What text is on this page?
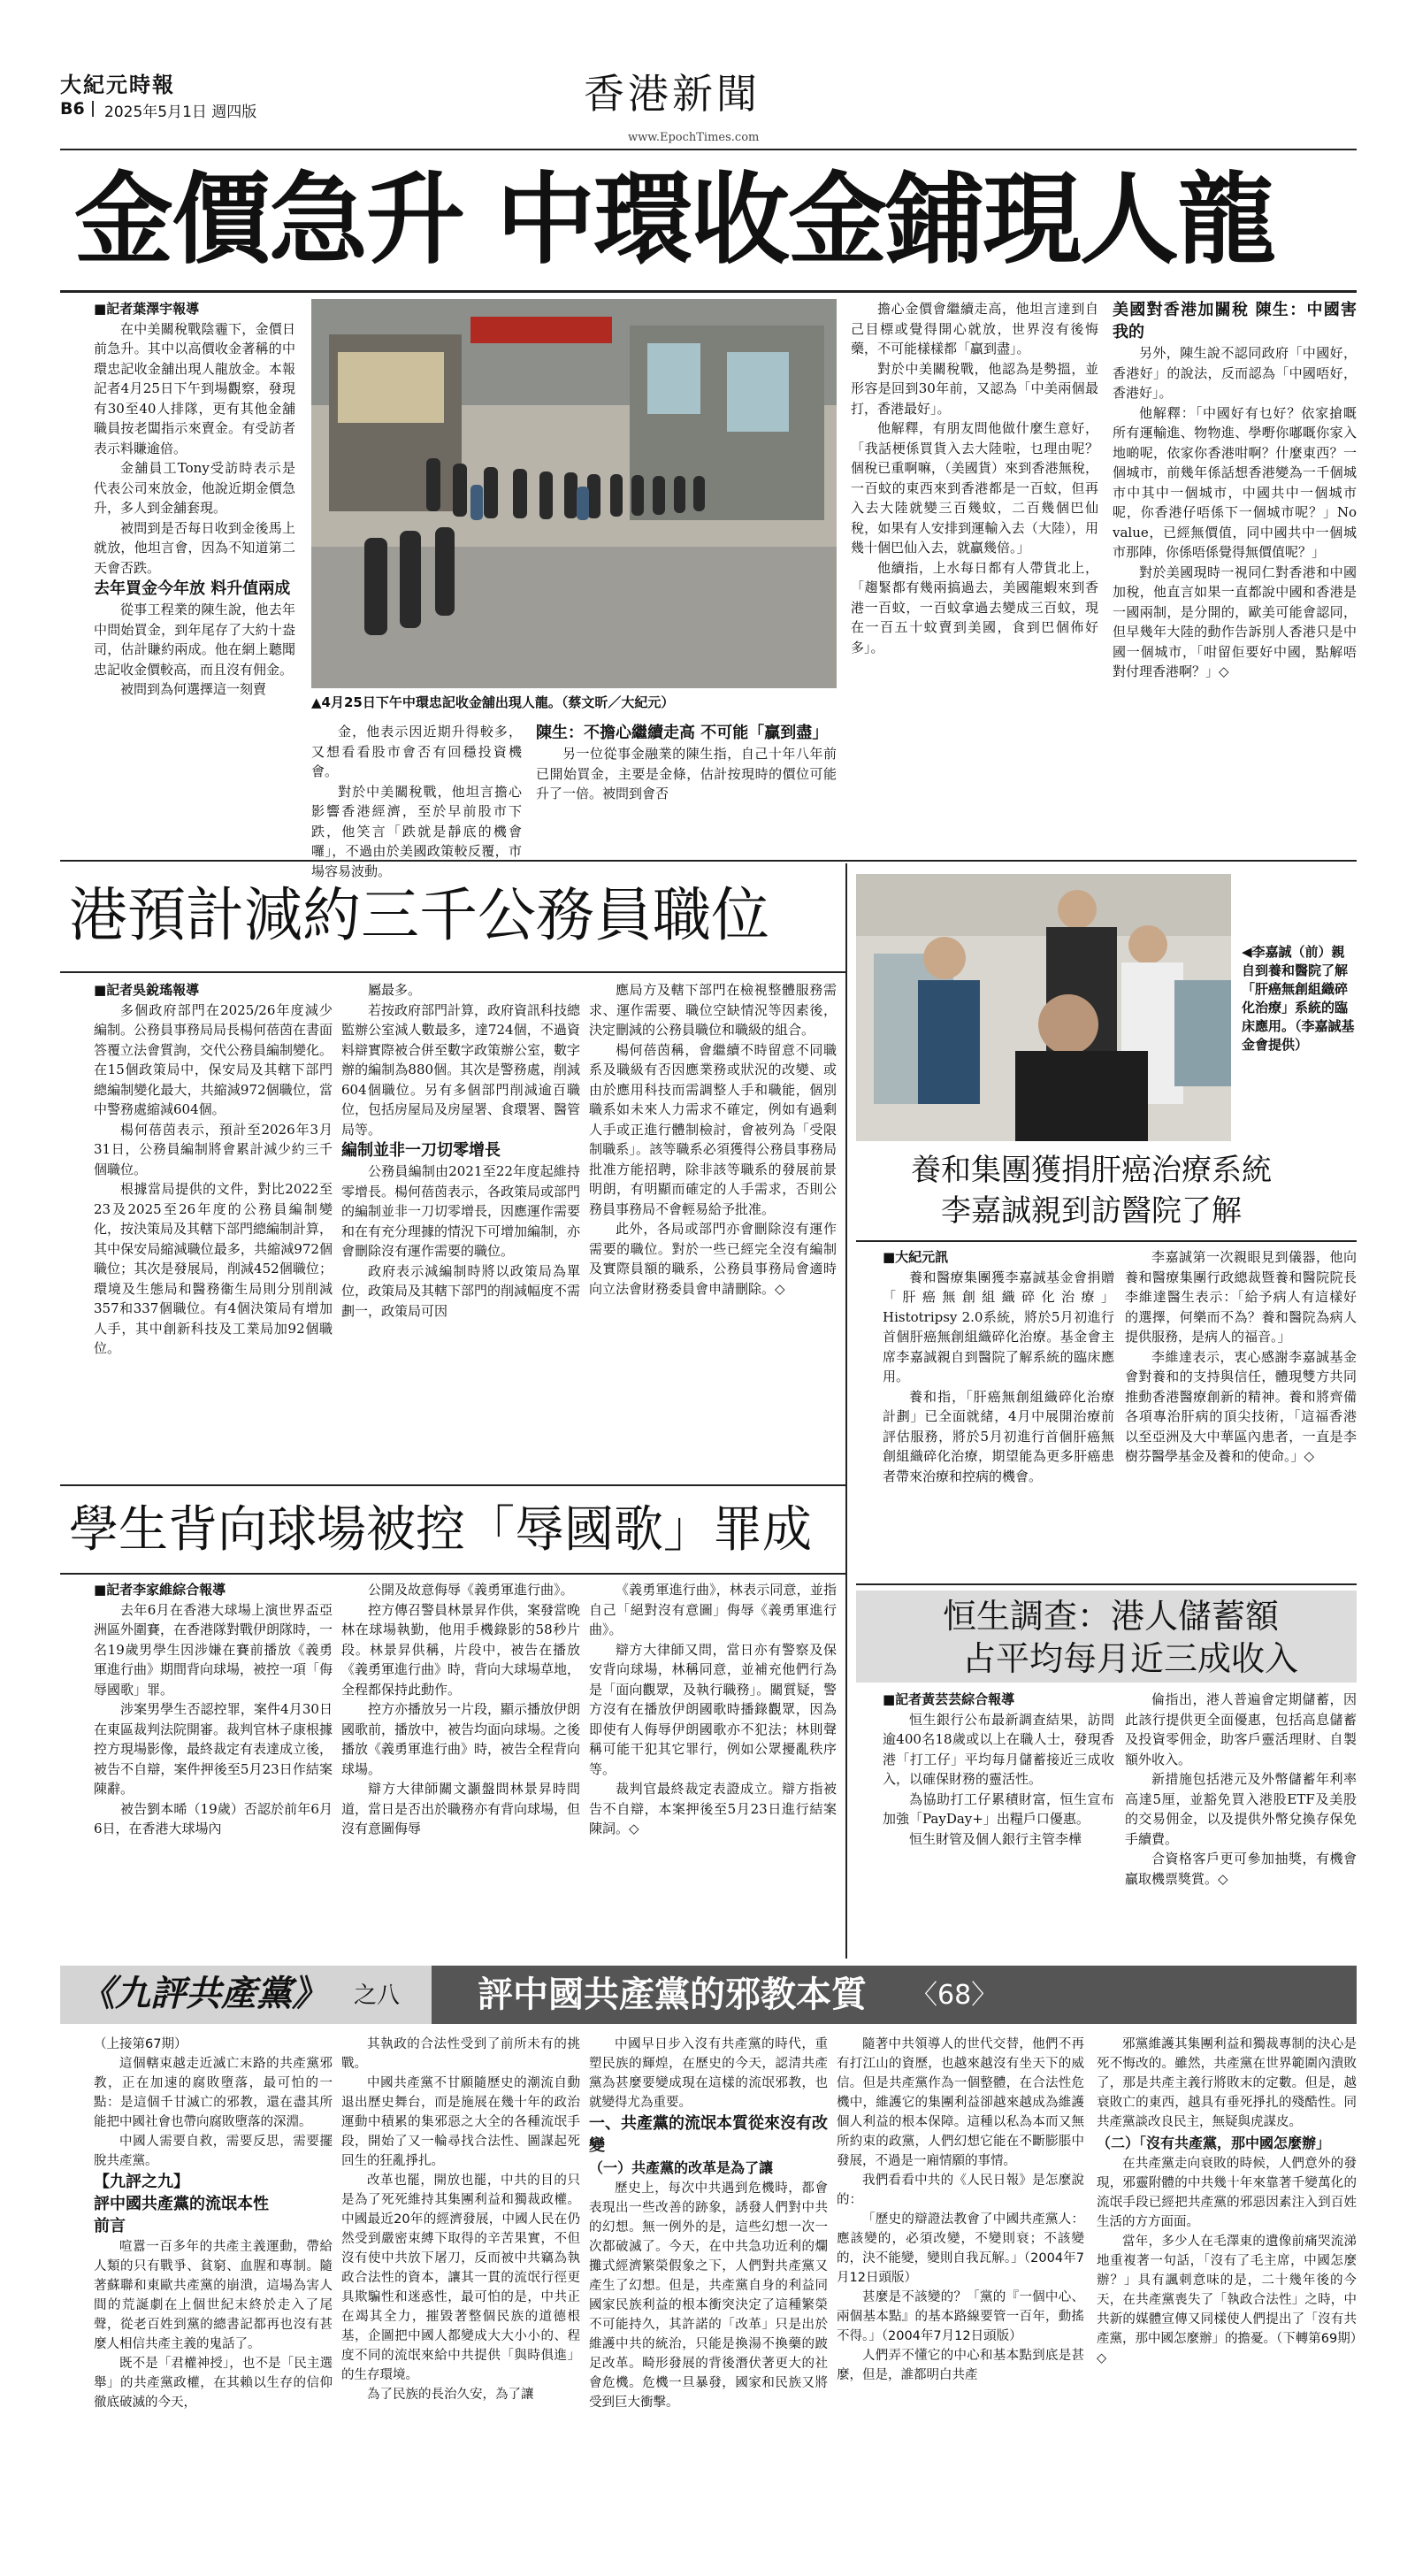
大紀元時報
B6 2025年5月1日 週四版	香港新聞
www.EpochTimes.com
金價急升 中環收金鋪現人龍

■記者葉澤宇報導

在中美關稅戰陰霾下，金價日前急升。其中以高價收金著稱的中環忠記收金舖出現人龍放金。本報記者4月25日下午到場觀察，發現有30至40人排隊，更有其他金舖職員按老闆指示來賣金。有受訪者表示料賺逾倍。

金舖員工Tony受訪時表示是代表公司來放金，他說近期金價急升，多人到金舖套現。

被問到是否每日收到金後馬上就放，他坦言會，因為不知道第二天會否跌。

去年買金今年放 料升值兩成

從事工程業的陳生說，他去年中問始買金，到年尾存了大約十盎司，估計賺約兩成。他在網上聽聞忠記收金價較高，而且沒有佣金。

被問到為何選擇這一刻賣

▲4月25日下午中環忠記收金舖出現人龍。（蔡文昕／大紀元）

金，他表示因近期升得較多，又想看看股市會否有回穩投資機會。

對於中美關稅戰，他坦言擔心影響香港經濟，至於早前股市下跌，他笑言「跌就是靜底的機會囉」，不過由於美國政策較反覆，市場容易波動。

陳生：不擔心繼續走高 不可能「贏到盡」

另一位從事金融業的陳生指，自己十年八年前已開始買金，主要是金條，估計按現時的價位可能升了一倍。被問到會否

擔心金價會繼續走高，他坦言達到自己目標或覺得開心就放，世界沒有後悔藥，不可能樣樣都「贏到盡」。

對於中美關稅戰，他認為是勢搵，並形容是回到30年前，又認為「中美兩個最打，香港最好」。

他解釋，有朋友問他做什麼生意好，「我話梗係買貨入去大陸啦，乜理由呢？個稅已重啊嘛，（美國貨）來到香港無稅，一百蚊的東西來到香港都是一百蚊，但再入去大陸就變三百幾蚊，二百幾個巴仙稅，如果有人安排到運輸入去（大陸），用幾十個巴仙入去，就贏幾倍。」

他續指，上水每日都有人帶貨北上，「趨緊都有幾兩搞過去，美國龍蝦來到香港一百蚊，一百蚊拿過去變成三百蚊，現在一百五十蚊賣到美國，食到巴個佈好多」。

美國對香港加關稅 陳生：中國害我的

另外，陳生說不認同政府「中國好，香港好」的說法，反而認為「中國唔好，香港好」。

他解釋：「中國好有乜好？依家搶嘅所有運輸進、物物進、學嘢你嘟嘅你家入地啲呢，依家你香港咁啊？什麼東西？一個城市，前幾年係話想香港變為一千個城市中其中一個城市，中國共中一個城市呢，你香港仔唔係下一個城市呢？」No value，已經無價值，同中國共中一個城市那陣，你係唔係覺得無價值呢？」

對於美國現時一視同仁對香港和中國加稅，他直言如果一直都說中國和香港是一國兩制，是分開的，歐美可能會認同，但早幾年大陸的動作告訴別人香港只是中國一個城市，「咁留佢要好中國，點解唔對付理香港啊？」◇

港預計減約三千公務員職位

■記者吳銳瑤報導

多個政府部門在2025/26年度減少編制。公務員事務局局長楊何蓓茵在書面答覆立法會質詢，交代公務員編制變化。在15個政策局中，保安局及其轄下部門總編制變化最大，共縮減972個職位，當中警務處縮減604個。

楊何蓓茵表示，預計至2026年3月31日，公務員編制將會累計減少約三千個職位。

根據當局提供的文件，對比2022至23及2025至26年度的公務員編制變化，按決策局及其轄下部門總編制計算，其中保安局縮減職位最多，共縮減972個職位；其次是發展局，削減452個職位；環境及生態局和醫務衞生局則分別削減357和337個職位。有4個決策局有增加人手，其中創新科技及工業局加92個職位。

屬最多。

若按政府部門計算，政府資訊科技總監辦公室減人數最多，達724個，不過資料辯實際被合併至數字政策辦公室，數字辦的編制為880個。其次是警務處，削減604個職位。另有多個部門削減逾百職位，包括房屋局及房屋署、食環署、醫管局等。

編制並非一刀切零增長

公務員編制由2021至22年度起維持零增長。楊何蓓茵表示，各政策局或部門的編制並非一刀切零增長，因應運作需要和在有充分理據的情況下可增加編制，亦會刪除沒有運作需要的職位。

政府表示減編制時將以政策局為單位，政策局及其轄下部門的削減幅度不需劃一，政策局可因

應局方及轄下部門在檢視整體服務需求、運作需要、職位空缺情況等因素後，決定刪減的公務員職位和職級的組合。

楊何蓓茵稱，會繼續不時留意不同職系及職級有否因應業務或狀況的改變、或由於應用科技而需調整人手和職能，個別職系如未來人力需求不確定，例如有過剩人手或正進行體制檢討，會被列為「受限制職系」。該等職系必須獲得公務員事務局批准方能招聘，除非該等職系的發展前景明朗，有明顯而確定的人手需求，否則公務員事務局不會輕易給予批准。

此外，各局或部門亦會刪除沒有運作需要的職位。對於一些已經完全沒有編制及實際員額的職系，公務員事務局會適時向立法會財務委員會申請刪除。◇

學生背向球場被控「辱國歌」罪成

■記者李家維綜合報導

去年6月在香港大球場上演世界盃亞洲區外圍賽，在香港隊對戰伊朗隊時，一名19歲男學生因涉嫌在賽前播放《義勇軍進行曲》期間背向球場，被控一項「侮辱國歌」罪。

涉案男學生否認控罪，案件4月30日在東區裁判法院開審。裁判官林子康根據控方現場影像，最終裁定有表達成立後，被告不自辯，案件押後至5月23日作結案陳辭。

被告劉本晞（19歲）否認於前年6月6日，在香港大球場內

公開及故意侮辱《義勇軍進行曲》。

控方傳召警員林景昇作供，案發當晚林在球場執勤，他用手機錄影的58秒片段。林景昇供稱，片段中，被告在播放《義勇軍進行曲》時，背向大球場草地，全程都保持此動作。

控方亦播放另一片段，顯示播放伊朗國歌前，播放中，被告均面向球場。之後播放《義勇軍進行曲》時，被告全程背向球場。

辯方大律師關文灝盤問林景昇時問道，當日是否出於職務亦有背向球場，但沒有意圖侮辱

《義勇軍進行曲》，林表示同意，並指自己「絕對沒有意圖」侮辱《義勇軍進行曲》。

辯方大律師又問，當日亦有警察及保安背向球場，林稱同意，並補充他們行為是「面向觀眾，及執行職務」。關質疑，警方沒有在播放伊朗國歌時播錄觀眾，因為即使有人侮辱伊朗國歌亦不犯法；林則聲稱可能干犯其它罪行，例如公眾擾亂秩序等。

裁判官最終裁定表證成立。辯方指被告不自辯，本案押後至5月23日進行結案陳詞。◇

◀李嘉誠（前）親自到養和醫院了解「肝癌無創組織碎化治療」系統的臨床應用。（李嘉誠基金會提供）
養和集團獲捐肝癌治療系統
李嘉誠親到訪醫院了解

■大紀元訊

養和醫療集團獲李嘉誠基金會捐贈「肝癌無創組織碎化治療」Histotripsy 2.0系統，將於5月初進行首個肝癌無創組織碎化治療。基金會主席李嘉誠親自到醫院了解系統的臨床應用。

養和指，「肝癌無創組織碎化治療計劃」已全面就緒，4月中展開治療前評估服務，將於5月初進行首個肝癌無創組織碎化治療，期望能為更多肝癌患者帶來治療和控病的機會。

李嘉誠第一次親眼見到儀器，他向養和醫療集團行政總裁暨養和醫院院長李維達醫生表示：「給予病人有這樣好的選擇，何樂而不為？養和醫院為病人提供服務，是病人的福音。」

李維達表示，衷心感謝李嘉誠基金會對養和的支持與信任，體現雙方共同推動香港醫療創新的精神。養和將齊備各項專治肝病的頂尖技術，「這福香港以至亞洲及大中華區內患者，一直是李樹芬醫學基金及養和的使命。」◇

恒生調查：港人儲蓄額
占平均每月近三成收入

■記者黃芸芸綜合報導

恒生銀行公布最新調查結果，訪問逾400名18歲或以上在職人士，發現香港「打工仔」平均每月儲蓄接近三成收入，以確保財務的靈活性。

為協助打工仔累積財富，恒生宣布加強「PayDay+」出糧戶口優惠。

恒生財管及個人銀行主管李樺

倫指出，港人普遍會定期儲蓄，因此該行提供更全面優惠，包括高息儲蓄及投資零佣金，助客戶靈活理財、自製額外收入。

新措施包括港元及外幣儲蓄年利率高達5厘，並豁免買入港股ETF及美股的交易佣金，以及提供外幣兌換存保免手續費。

合資格客戶更可參加抽獎，有機會贏取機票獎賞。◇

《九評共產黨》 之八 評中國共產黨的邪教本質 〈68〉

（上接第67期）

這個轄束越走近滅亡末路的共產黨邪教，正在加速的腐敗墮落，最可怕的一點：是這個千甘滅亡的邪教，還在盡其所能把中國社會也帶向腐敗墮落的深淵。

中國人需要自救，需要反思，需要擺脫共產黨。

【九評之九】

評中國共產黨的流氓本性

前言

喧囂一百多年的共產主義運動，帶給人類的只有戰爭、貧窮、血腥和專制。隨著蘇聯和東歐共產黨的崩潰，這場為害人間的荒誕劇在上個世紀末終於走入了尾聲，從老百姓到黨的總書記都再也沒有甚麼人相信共產主義的鬼話了。

既不是「君權神授」，也不是「民主選舉」的共產黨政權，在其賴以生存的信仰徹底破滅的今天，

其執政的合法性受到了前所未有的挑戰。

中國共產黨不甘願隨歷史的潮流自動退出歷史舞台，而是施展在幾十年的政治運動中積累的集邪惡之大全的各種流氓手段，開始了又一輪尋找合法性、圖謀起死回生的狂亂掙扎。

改革也罷，開放也罷，中共的目的只是為了死死維持其集團利益和獨裁政權。中國最近20年的經濟發展，中國人民在仍然受到嚴密束縛下取得的辛苦果實，不但沒有使中共放下屠刀，反而被中共竊為執政合法性的資本，讓其一貫的流氓行徑更具欺騙性和迷惑性，最可怕的是，中共正在竭其全力，摧毀著整個民族的道德根基，企圖把中國人都變成大大小小的、程度不同的流氓來給中共提供「與時俱進」的生存環境。

為了民族的長治久安，為了讓

中國早日步入沒有共產黨的時代，重塑民族的輝煌，在歷史的今天，認清共產黨為甚麼要變成現在這樣的流氓邪教，也就變得尤為重要。

一、共產黨的流氓本質從來沒有改變

（一）共產黨的改革是為了讓

歷史上，每次中共遇到危機時，都會表現出一些改善的跡象，誘發人們對中共的幻想。無一例外的是，這些幻想一次一次都破滅了。今天，在中共急功近利的爛攤式經濟繁榮假象之下，人們對共產黨又產生了幻想。但是，共產黨自身的利益同國家民族利益的根本衝突決定了這種繁榮不可能持久，其許諾的「改革」只是出於維護中共的統治，只能是換湯不換藥的跛足改革。畸形發展的背後潛伏著更大的社會危機。危機一旦暴發，國家和民族又將受到巨大衝擊。

隨著中共領導人的世代交替，他們不再有打江山的資歷，也越來越沒有坐天下的威信。但是共產黨作為一個整體，在合法性危機中，維護它的集團利益卻越來越成為維護個人利益的根本保障。這種以私為本而又無所約束的政黨，人們幻想它能在不斷膨脹中發展，不過是一廂情願的事情。

我們看看中共的《人民日報》是怎麼說的：

「歷史的辯證法教會了中國共產黨人：應該變的，必須改變，不變則衰；不該變的，決不能變，變則自我瓦解。」（2004年7月12日頭版）

甚麼是不該變的？「黨的『一個中心、兩個基本點』的基本路線要管一百年，動搖不得。」（2004年7月12日頭版）

人們弄不懂它的中心和基本點到底是甚麼，但是，誰都明白共產

邪黨維護其集團利益和獨裁專制的決心是死不悔改的。雖然，共產黨在世界範圍內潰敗了，那是共產主義行將敗末的定數。但是，越衰敗亡的東西，越具有垂死掙扎的殘酷性。同共產黨談改良民主，無疑與虎謀皮。

（二）「沒有共產黨，那中國怎麼辦」

在共產黨走向衰敗的時候，人們意外的發現，邪靈附體的中共幾十年來靠著千變萬化的流氓手段已經把共產黨的邪惡因素注入到百姓生活的方方面面。

當年，多少人在毛澤東的遺像前痛哭流涕地重複著一句話，「沒有了毛主席，中國怎麼辦？」具有諷刺意味的是，二十幾年後的今天，在共產黨喪失了「執政合法性」之時，中共新的媒體宣傳又同樣使人們提出了「沒有共產黨，那中國怎麼辦」的擔憂。（下轉第69期）◇
